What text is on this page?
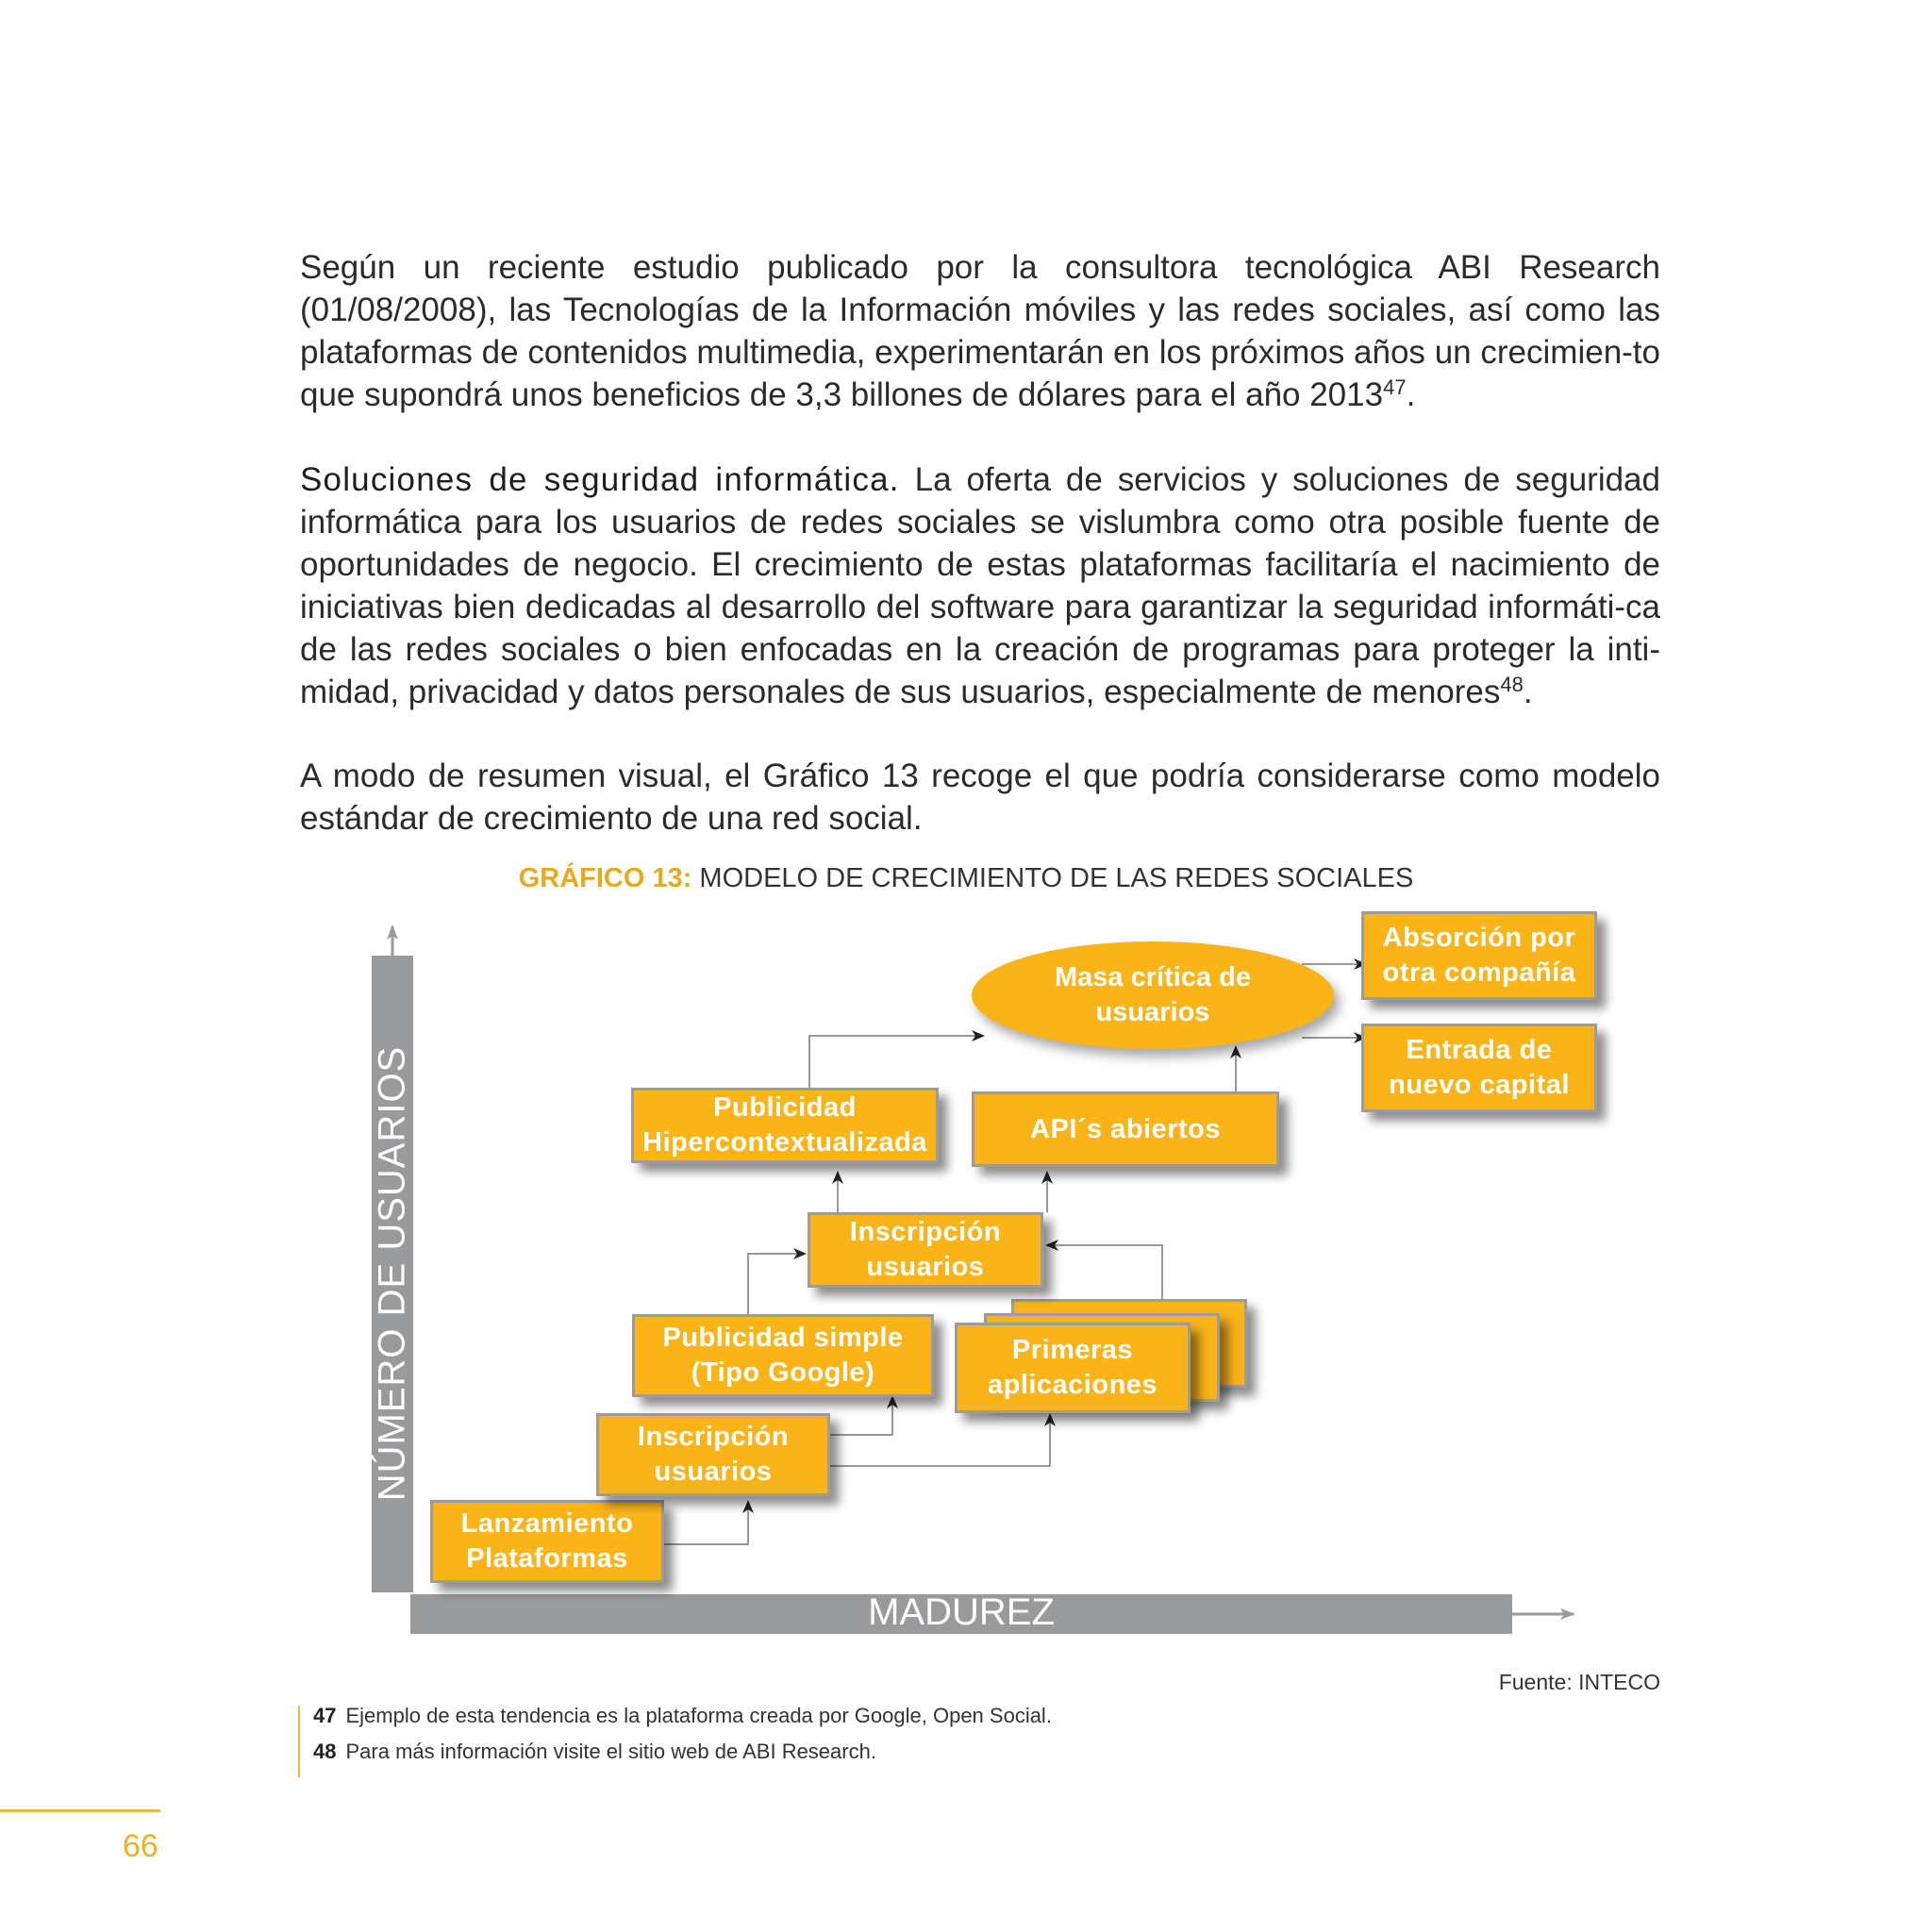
Según un reciente estudio publicado por la consultora tecnológica ABI Research (01/08/2008), las Tecnologías de la Información móviles y las redes sociales, así como las plataformas de contenidos multimedia, experimentarán en los próximos años un crecimien-to que supondrá unos beneficios de 3,3 billones de dólares para el año 2013$^{47}$.

Soluciones de seguridad informática. La oferta de servicios y soluciones de seguridad informática para los usuarios de redes sociales se vislumbra como otra posible fuente de oportunidades de negocio. El crecimiento de estas plataformas facilitaría el nacimiento de iniciativas bien dedicadas al desarrollo del software para garantizar la seguridad informáti-ca de las redes sociales o bien enfocadas en la creación de programas para proteger la inti-midad, privacidad y datos personales de sus usuarios, especialmente de menores$^{48}$.

A modo de resumen visual, el Gráfico 13 recoge el que podría considerarse como modelo estándar de crecimiento de una red social.

GRÁFICO 13: MODELO DE CRECIMIENTO DE LAS REDES SOCIALES
NÚMERO DE USUARIOS
MADUREZ
Lanzamiento
Plataformas
Inscripción
usuarios
Publicidad simple
(Tipo Google)
Primeras
aplicaciones
Inscripción
usuarios
Publicidad
Hipercontextualizada	API´s abiertos
Masa crítica de
usuarios
Absorción por
otra compañía
Entrada de
nuevo capital
Fuente: INTECO
47 Ejemplo de esta tendencia es la plataforma creada por Google, Open Social.
48 Para más información visite el sitio web de ABI Research.
66
